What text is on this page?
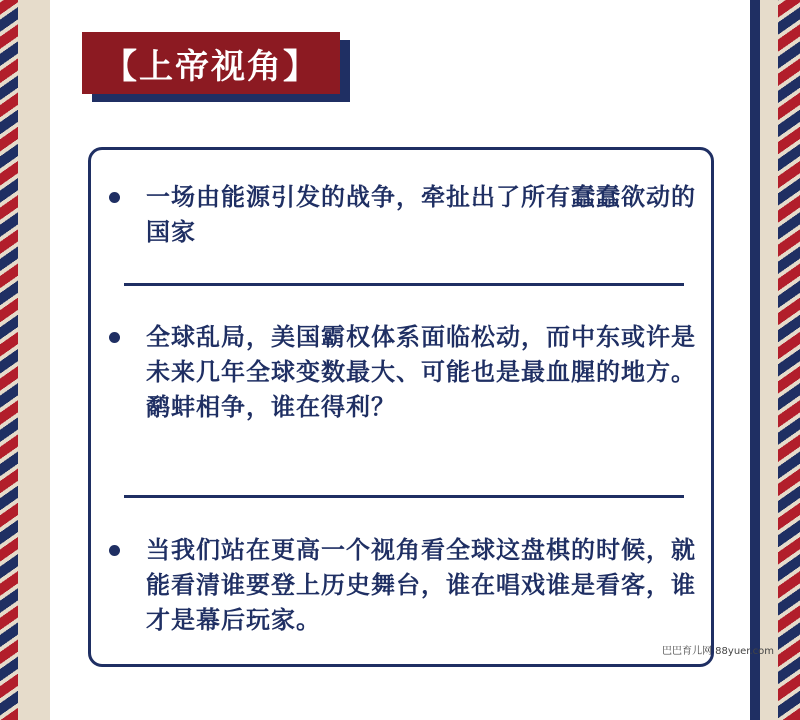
【上帝视角】
一场由能源引发的战争，牵扯出了所有蠢蠢欲动的国家
全球乱局，美国霸权体系面临松动，而中东或许是未来几年全球变数最大、可能也是最血腥的地方。鹬蚌相争，谁在得利？
当我们站在更高一个视角看全球这盘棋的时候，就能看清谁要登上历史舞台，谁在唱戏谁是看客，谁才是幕后玩家。
巴巴育儿网 88yuer.com
